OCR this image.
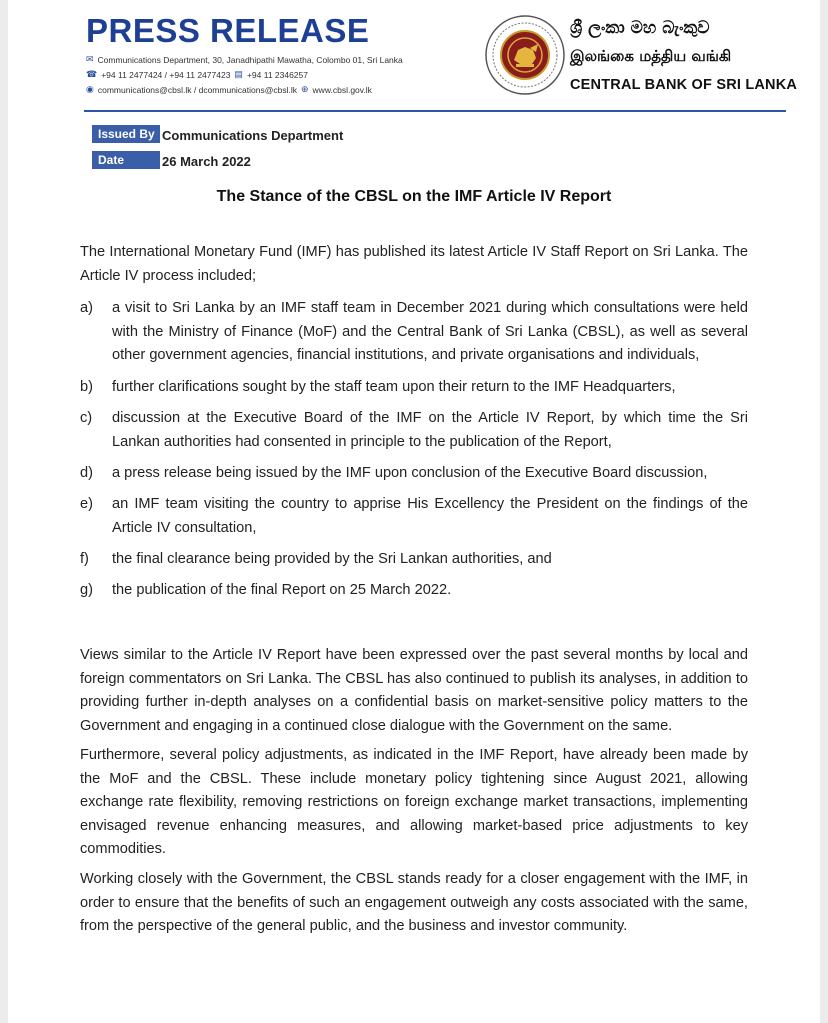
PRESS RELEASE
✉ Communications Department, 30, Janadhipathi Mawatha, Colombo 01, Sri Lanka
☎ +94 11 2477424 / +94 11 2477423 ▤ +94 11 2346257
◉ communications@cbsl.lk / dcommunications@cbsl.lk ⊕ www.cbsl.gov.lk
ශ්‍රී ලංකා මහ බැංකුව
இலங்கை மத்திய வங்கி
CENTRAL BANK OF SRI LANKA
Issued By Communications Department
Date	26 March 2022
The Stance of the CBSL on the IMF Article IV Report
The International Monetary Fund (IMF) has published its latest Article IV Staff Report on Sri Lanka. The Article IV process included;
a)	a visit to Sri Lanka by an IMF staff team in December 2021 during which consultations were held with the Ministry of Finance (MoF) and the Central Bank of Sri Lanka (CBSL), as well as several other government agencies, financial institutions, and private organisations and individuals,
b)	further clarifications sought by the staff team upon their return to the IMF Headquarters,
c)	discussion at the Executive Board of the IMF on the Article IV Report, by which time the Sri Lankan authorities had consented in principle to the publication of the Report,
d)	a press release being issued by the IMF upon conclusion of the Executive Board discussion,
e)	an IMF team visiting the country to apprise His Excellency the President on the findings of the Article IV consultation,
f)	the final clearance being provided by the Sri Lankan authorities, and
g)	the publication of the final Report on 25 March 2022.
Views similar to the Article IV Report have been expressed over the past several months by local and foreign commentators on Sri Lanka. The CBSL has also continued to publish its analyses, in addition to providing further in-depth analyses on a confidential basis on market-sensitive policy matters to the Government and engaging in a continued close dialogue with the Government on the same.
Furthermore, several policy adjustments, as indicated in the IMF Report, have already been made by the MoF and the CBSL. These include monetary policy tightening since August 2021, allowing exchange rate flexibility, removing restrictions on foreign exchange market transactions, implementing envisaged revenue enhancing measures, and allowing market-based price adjustments to key commodities.
Working closely with the Government, the CBSL stands ready for a closer engagement with the IMF, in order to ensure that the benefits of such an engagement outweigh any costs associated with the same, from the perspective of the general public, and the business and investor community.
